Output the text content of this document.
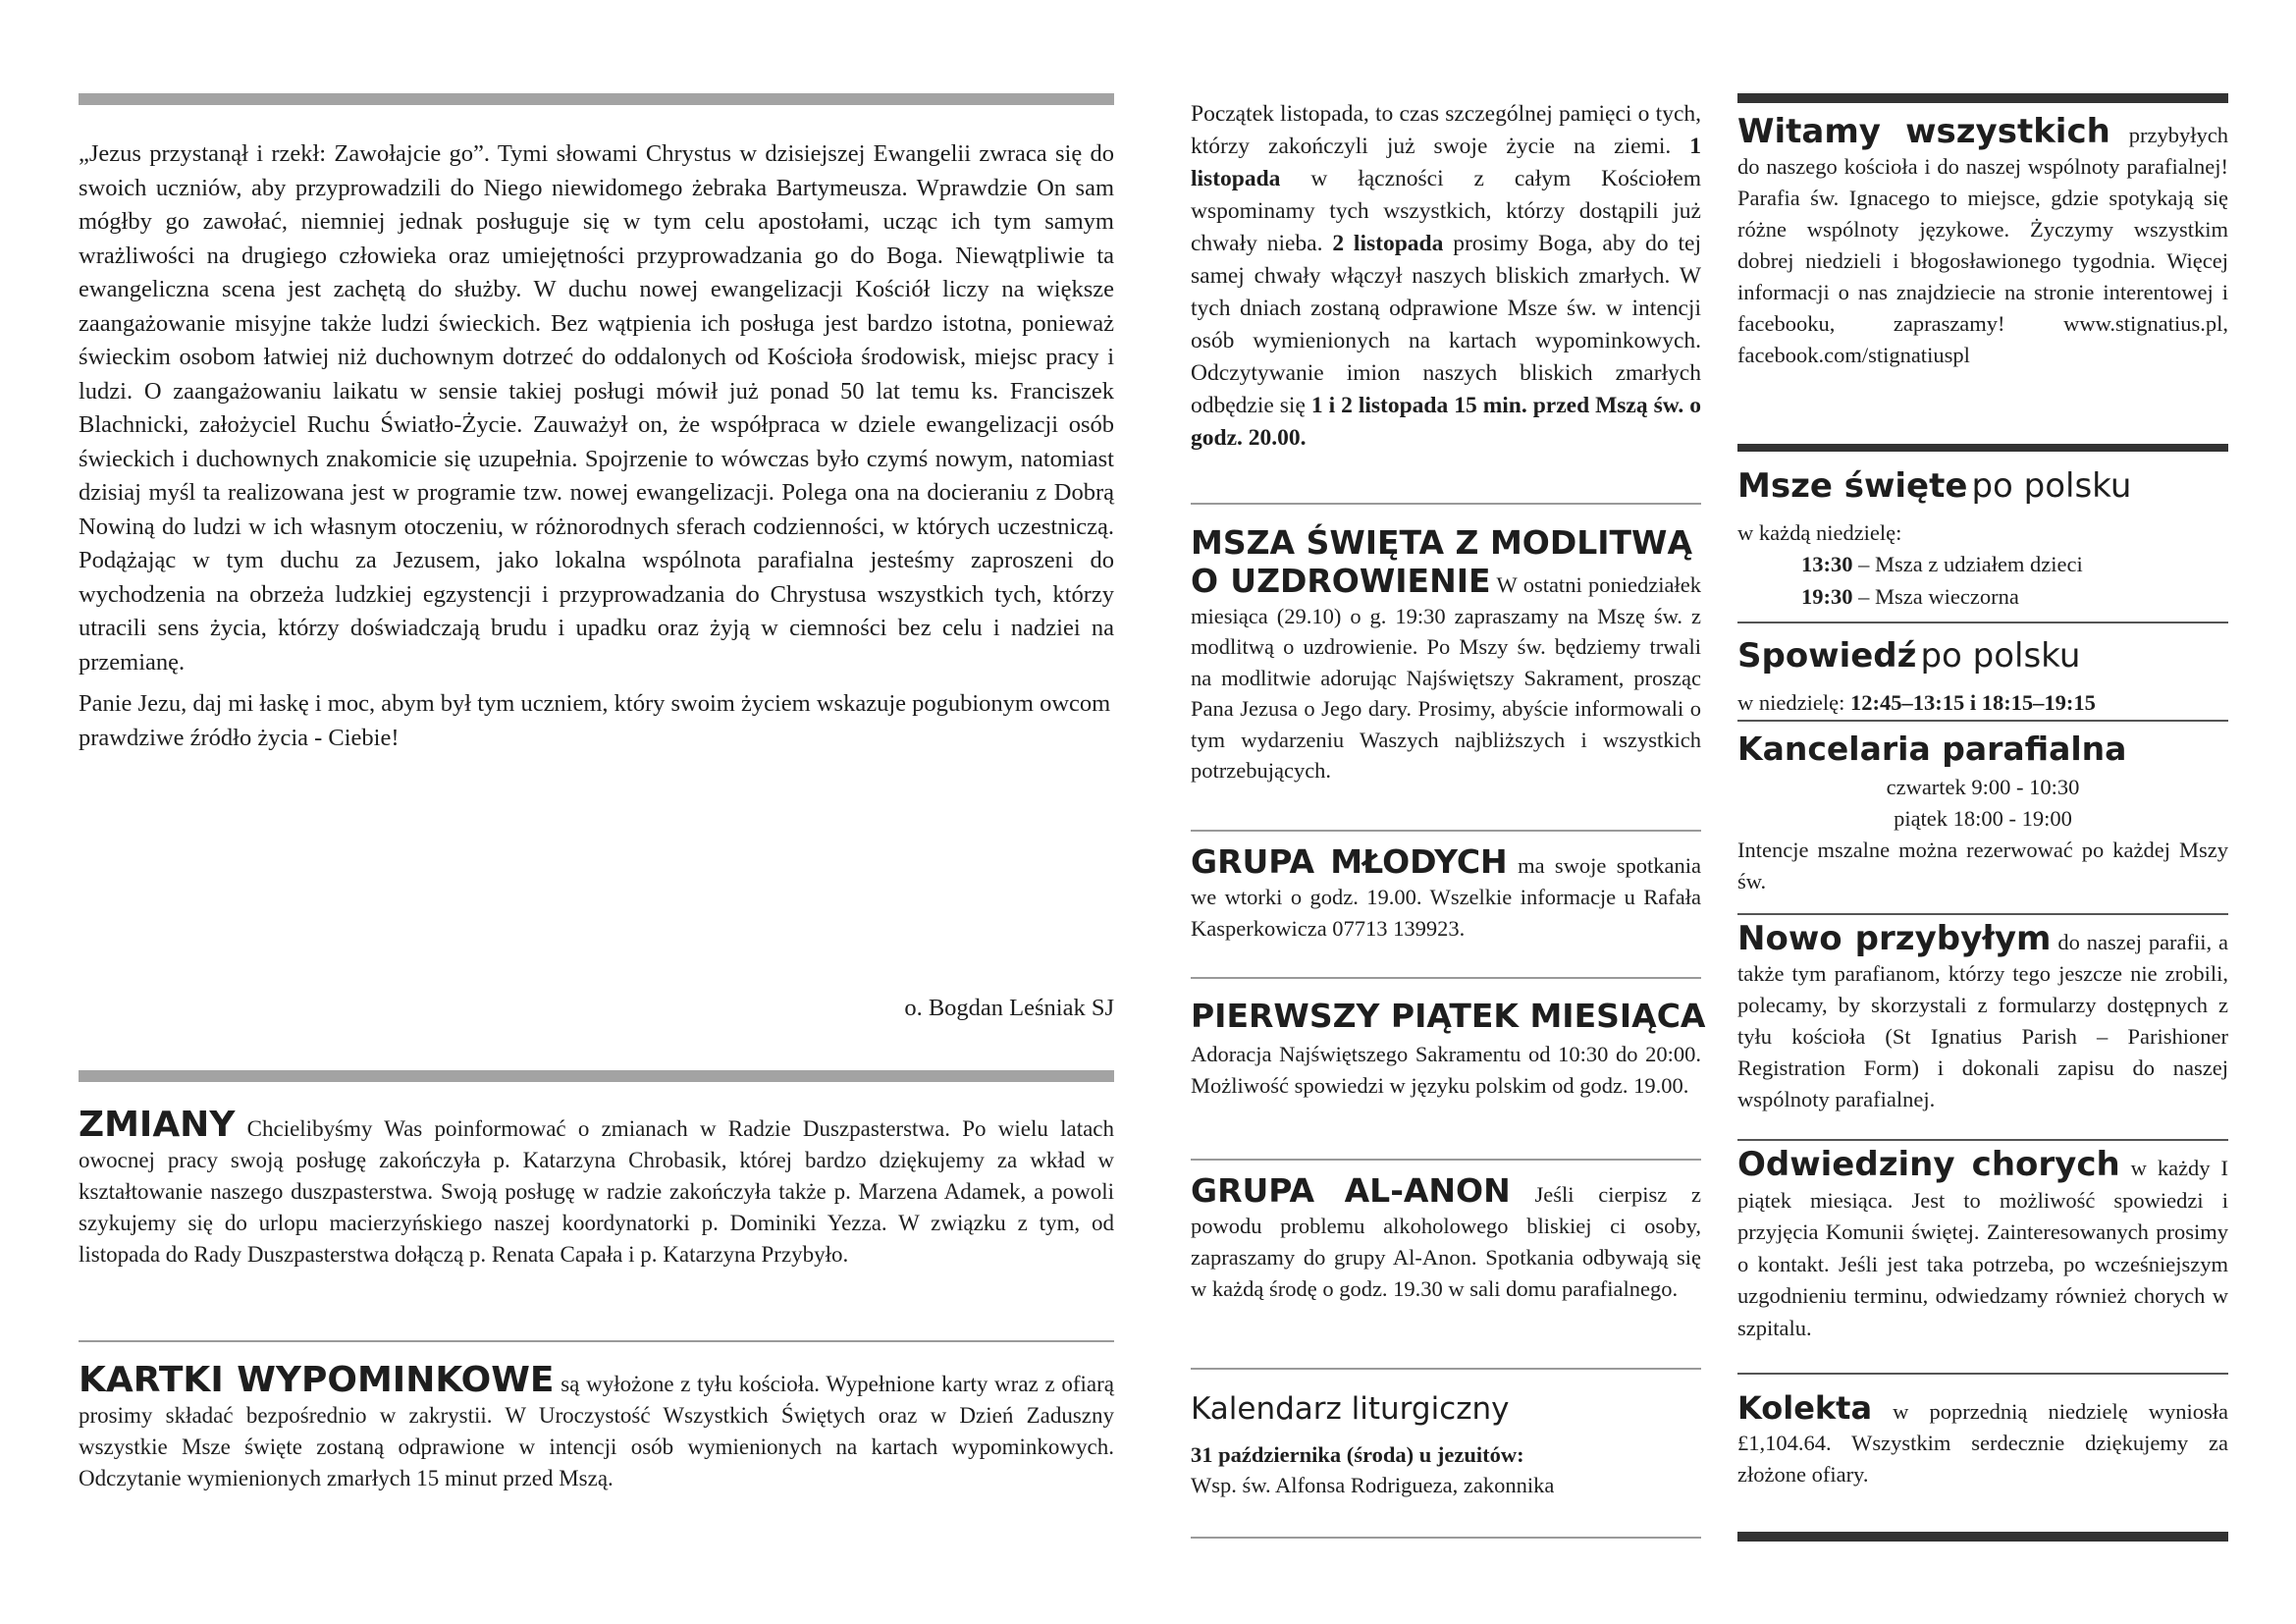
„Jezus przystanął i rzekł: Zawołajcie go”. Tymi słowami Chrystus w dzisiejszej Ewangelii zwraca się do swoich uczniów, aby przyprowadzili do Niego niewidomego żebraka Bartymeusza. Wprawdzie On sam mógłby go zawołać, niemniej jednak posługuje się w tym celu apostołami, ucząc ich tym samym wrażliwości na drugiego człowieka oraz umiejętności przyprowadzania go do Boga. Niewątpliwie ta ewangeliczna scena jest zachętą do służby. W duchu nowej ewangelizacji Kościół liczy na większe zaangażowanie misyjne także ludzi świeckich. Bez wątpienia ich posługa jest bardzo istotna, ponieważ świeckim osobom łatwiej niż duchownym dotrzeć do oddalonych od Kościoła środowisk, miejsc pracy i ludzi. O zaangażowaniu laikatu w sensie takiej posługi mówił już ponad 50 lat temu ks. Franciszek Blachnicki, założyciel Ruchu Światło-Życie. Zauważył on, że współpraca w dziele ewangelizacji osób świeckich i duchownych znakomicie się uzupełnia. Spojrzenie to wówczas było czymś nowym, natomiast dzisiaj myśl ta realizowana jest w programie tzw. nowej ewangelizacji. Polega ona na docieraniu z Dobrą Nowiną do ludzi w ich własnym otoczeniu, w różnorodnych sferach codzienności, w których uczestniczą. Podążając w tym duchu za Jezusem, jako lokalna wspólnota parafialna jesteśmy zaproszeni do wychodzenia na obrzeża ludzkiej egzystencji i przyprowadzania do Chrystusa wszystkich tych, którzy utracili sens życia, którzy doświadczają brudu i upadku oraz żyją w ciemności bez celu i nadziei na przemianę.

Panie Jezu, daj mi łaskę i moc, abym był tym uczniem, który swoim życiem wskazuje pogubionym owcom prawdziwe źródło życia - Ciebie!

o. Bogdan Leśniak SJ

ZMIANY Chcielibyśmy Was poinformować o zmianach w Radzie Duszpasterstwa. Po wielu latach owocnej pracy swoją posługę zakończyła p. Katarzyna Chrobasik, której bardzo dziękujemy za wkład w kształtowanie naszego duszpasterstwa. Swoją posługę w radzie zakończyła także p. Marzena Adamek, a powoli szykujemy się do urlopu macierzyńskiego naszej koordynatorki p. Dominiki Yezza. W związku z tym, od listopada do Rady Duszpasterstwa dołączą p. Renata Capała i p. Katarzyna Przybyło.

KARTKI WYPOMINKOWE są wyłożone z tyłu kościoła. Wypełnione karty wraz z ofiarą prosimy składać bezpośrednio w zakrystii. W Uroczystość Wszystkich Świętych oraz w Dzień Zaduszny wszystkie Msze święte zostaną odprawione w intencji osób wymienionych na kartach wypominkowych. Odczytanie wymienionych zmarłych 15 minut przed Mszą.

Początek listopada, to czas szczególnej pamięci o tych, którzy zakończyli już swoje życie na ziemi. 1 listopada w łączności z całym Kościołem wspominamy tych wszystkich, którzy dostąpili już chwały nieba. 2 listopada prosimy Boga, aby do tej samej chwały włączył naszych bliskich zmarłych. W tych dniach zostaną odprawione Msze św. w intencji osób wymienionych na kartach wypominkowych. Odczytywanie imion naszych bliskich zmarłych odbędzie się 1 i 2 listopada 15 min. przed Mszą św. o godz. 20.00.

MSZA ŚWIĘTA Z MODLITWĄ

O UZDROWIENIE W ostatni poniedziałek miesiąca (29.10) o g. 19:30 zapraszamy na Mszę św. z modlitwą o uzdrowienie. Po Mszy św. będziemy trwali na modlitwie adorując Najświętszy Sakrament, prosząc Pana Jezusa o Jego dary. Prosimy, abyście informowali o tym wydarzeniu Waszych najbliższych i wszystkich potrzebujących.

GRUPA MŁODYCH ma swoje spotkania we wtorki o godz. 19.00. Wszelkie informacje u Rafała Kasperkowicza 07713 139923.

PIERWSZY PIĄTEK MIESIĄCA

Adoracja Najświętszego Sakramentu od 10:30 do 20:00. Możliwość spowiedzi w języku polskim od godz. 19.00.

GRUPA AL-ANON Jeśli cierpisz z powodu problemu alkoholowego bliskiej ci osoby, zapraszamy do grupy Al-Anon. Spotkania odbywają się w każdą środę o godz. 19.30 w sali domu parafialnego.

Kalendarz liturgiczny
31 października (środa) u jezuitów:
Wsp. św. Alfonsa Rodrigueza, zakonnika

Witamy wszystkich przybyłych do naszego kościoła i do naszej wspólnoty parafialnej! Parafia św. Ignacego to miejsce, gdzie spotykają się różne wspólnoty językowe. Życzymy wszystkim dobrej niedzieli i błogosławionego tygodnia. Więcej informacji o nas znajdziecie na stronie interentowej i facebooku, zapraszamy! www.stignatius.pl, facebook.com/stignatiuspl

Msze święte po polsku
w każdą niedzielę:
13:30 – Msza z udziałem dzieci
19:30 – Msza wieczorna
Spowiedź po polsku
w niedzielę: 12:45–13:15 i 18:15–19:15
Kancelaria parafialna
czwartek 9:00 - 10:30
piątek 18:00 - 19:00

Intencje mszalne można rezerwować po każdej Mszy św.

Nowo przybyłym do naszej parafii, a także tym parafianom, którzy tego jeszcze nie zrobili, polecamy, by skorzystali z formularzy dostępnych z tyłu kościoła (St Ignatius Parish – Parishioner Registration Form) i dokonali zapisu do naszej wspólnoty parafialnej.

Odwiedziny chorych w każdy I piątek miesiąca. Jest to możliwość spowiedzi i przyjęcia Komunii świętej. Zainteresowanych prosimy o kontakt. Jeśli jest taka potrzeba, po wcześniejszym uzgodnieniu terminu, odwiedzamy również chorych w szpitalu.

Kolekta w poprzednią niedzielę wyniosła £1,104.64. Wszystkim serdecznie dziękujemy za złożone ofiary.
